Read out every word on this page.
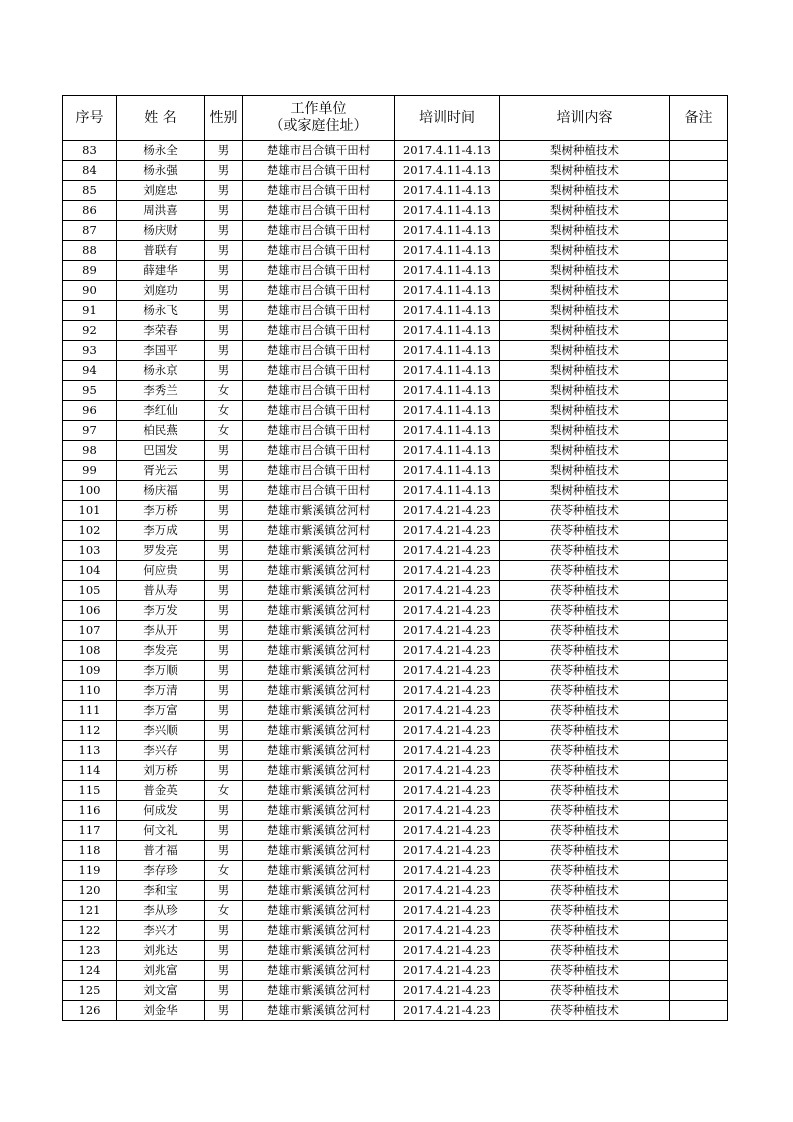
序号	姓 名	性别	工作单位
（或家庭住址）	培训时间	培训内容	备注
83	杨永全	男	楚雄市吕合镇干田村	2017.4.11-4.13	梨树种植技术	
84	杨永强	男	楚雄市吕合镇干田村	2017.4.11-4.13	梨树种植技术	
85	刘庭忠	男	楚雄市吕合镇干田村	2017.4.11-4.13	梨树种植技术	
86	周洪喜	男	楚雄市吕合镇干田村	2017.4.11-4.13	梨树种植技术	
87	杨庆财	男	楚雄市吕合镇干田村	2017.4.11-4.13	梨树种植技术	
88	普联有	男	楚雄市吕合镇干田村	2017.4.11-4.13	梨树种植技术	
89	薛建华	男	楚雄市吕合镇干田村	2017.4.11-4.13	梨树种植技术	
90	刘庭功	男	楚雄市吕合镇干田村	2017.4.11-4.13	梨树种植技术	
91	杨永飞	男	楚雄市吕合镇干田村	2017.4.11-4.13	梨树种植技术	
92	李荣春	男	楚雄市吕合镇干田村	2017.4.11-4.13	梨树种植技术	
93	李国平	男	楚雄市吕合镇干田村	2017.4.11-4.13	梨树种植技术	
94	杨永京	男	楚雄市吕合镇干田村	2017.4.11-4.13	梨树种植技术	
95	李秀兰	女	楚雄市吕合镇干田村	2017.4.11-4.13	梨树种植技术	
96	李红仙	女	楚雄市吕合镇干田村	2017.4.11-4.13	梨树种植技术	
97	柏民燕	女	楚雄市吕合镇干田村	2017.4.11-4.13	梨树种植技术	
98	巴国发	男	楚雄市吕合镇干田村	2017.4.11-4.13	梨树种植技术	
99	胥光云	男	楚雄市吕合镇干田村	2017.4.11-4.13	梨树种植技术	
100	杨庆福	男	楚雄市吕合镇干田村	2017.4.11-4.13	梨树种植技术	
101	李万桥	男	楚雄市紫溪镇岔河村	2017.4.21-4.23	茯苓种植技术	
102	李万成	男	楚雄市紫溪镇岔河村	2017.4.21-4.23	茯苓种植技术	
103	罗发亮	男	楚雄市紫溪镇岔河村	2017.4.21-4.23	茯苓种植技术	
104	何应贵	男	楚雄市紫溪镇岔河村	2017.4.21-4.23	茯苓种植技术	
105	普从寿	男	楚雄市紫溪镇岔河村	2017.4.21-4.23	茯苓种植技术	
106	李万发	男	楚雄市紫溪镇岔河村	2017.4.21-4.23	茯苓种植技术	
107	李从开	男	楚雄市紫溪镇岔河村	2017.4.21-4.23	茯苓种植技术	
108	李发亮	男	楚雄市紫溪镇岔河村	2017.4.21-4.23	茯苓种植技术	
109	李万顺	男	楚雄市紫溪镇岔河村	2017.4.21-4.23	茯苓种植技术	
110	李万清	男	楚雄市紫溪镇岔河村	2017.4.21-4.23	茯苓种植技术	
111	李万富	男	楚雄市紫溪镇岔河村	2017.4.21-4.23	茯苓种植技术	
112	李兴顺	男	楚雄市紫溪镇岔河村	2017.4.21-4.23	茯苓种植技术	
113	李兴存	男	楚雄市紫溪镇岔河村	2017.4.21-4.23	茯苓种植技术	
114	刘万桥	男	楚雄市紫溪镇岔河村	2017.4.21-4.23	茯苓种植技术	
115	普金英	女	楚雄市紫溪镇岔河村	2017.4.21-4.23	茯苓种植技术	
116	何成发	男	楚雄市紫溪镇岔河村	2017.4.21-4.23	茯苓种植技术	
117	何文礼	男	楚雄市紫溪镇岔河村	2017.4.21-4.23	茯苓种植技术	
118	普才福	男	楚雄市紫溪镇岔河村	2017.4.21-4.23	茯苓种植技术	
119	李存珍	女	楚雄市紫溪镇岔河村	2017.4.21-4.23	茯苓种植技术	
120	李和宝	男	楚雄市紫溪镇岔河村	2017.4.21-4.23	茯苓种植技术	
121	李从珍	女	楚雄市紫溪镇岔河村	2017.4.21-4.23	茯苓种植技术	
122	李兴才	男	楚雄市紫溪镇岔河村	2017.4.21-4.23	茯苓种植技术	
123	刘兆达	男	楚雄市紫溪镇岔河村	2017.4.21-4.23	茯苓种植技术	
124	刘兆富	男	楚雄市紫溪镇岔河村	2017.4.21-4.23	茯苓种植技术	
125	刘文富	男	楚雄市紫溪镇岔河村	2017.4.21-4.23	茯苓种植技术	
126	刘金华	男	楚雄市紫溪镇岔河村	2017.4.21-4.23	茯苓种植技术	
